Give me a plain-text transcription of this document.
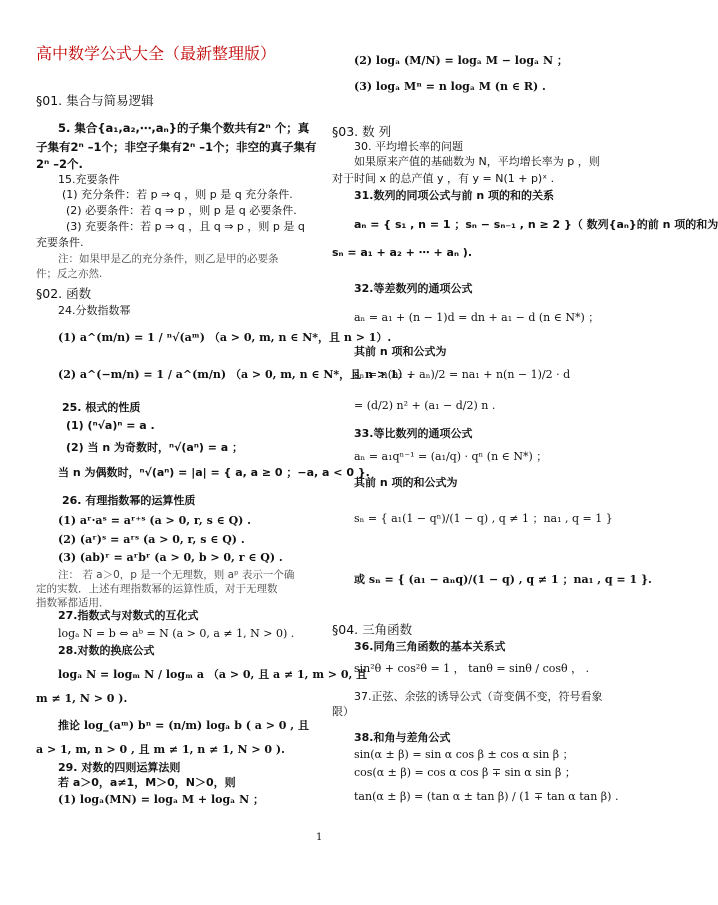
高中数学公式大全（最新整理版）
§01. 集合与简易逻辑
5. 集合{a₁,a₂,⋯,aₙ}的子集个数共有2ⁿ 个；真
子集有2ⁿ –1个；非空子集有2ⁿ –1个；非空的真子集有
2ⁿ –2个.
15.充要条件
(1) 充分条件：若 p ⇒ q ，则 p 是 q 充分条件.
(2) 必要条件：若 q ⇒ p ，则 p 是 q 必要条件.
(3) 充要条件：若 p ⇒ q ，且 q ⇒ p ，则 p 是 q
充要条件.
注：如果甲是乙的充分条件，则乙是甲的必要条
件；反之亦然.
§02. 函数
24.分数指数幂
(1) a^(m/n) = 1 / ⁿ√(aᵐ) （a > 0, m, n ∈ N*，且 n > 1）.
(2) a^(−m/n) = 1 / a^(m/n) （a > 0, m, n ∈ N*，且 n > 1）.
25. 根式的性质
(1) (ⁿ√a)ⁿ = a .
(2) 当 n 为奇数时，ⁿ√(aⁿ) = a ；
当 n 为偶数时，ⁿ√(aⁿ) = |a| = { a, a ≥ 0 ；−a, a < 0 }.
26. 有理指数幂的运算性质
(1) aʳ·aˢ = aʳ⁺ˢ (a > 0, r, s ∈ Q) .
(2) (aʳ)ˢ = aʳˢ (a > 0, r, s ∈ Q) .
(3) (ab)ʳ = aʳbʳ (a > 0, b > 0, r ∈ Q) .
注： 若 a＞0，p 是一个无理数，则 aᵖ 表示一个确
定的实数．上述有理指数幂的运算性质，对于无理数
指数幂都适用．
27.指数式与对数式的互化式
logₐ N = b ⇔ aᵇ = N (a > 0, a ≠ 1, N > 0) .
28.对数的换底公式
logₐ N = logₘ N / logₘ a （a > 0, 且 a ≠ 1, m > 0, 且
m ≠ 1, N > 0 ).
推论 log_(aᵐ) bⁿ = (n/m) logₐ b ( a > 0 , 且
a > 1, m, n > 0 , 且 m ≠ 1, n ≠ 1, N > 0 ).
29. 对数的四则运算法则
若 a＞0，a≠1，M＞0，N＞0，则
(1) logₐ(MN) = logₐ M + logₐ N ；
(2) logₐ (M/N) = logₐ M − logₐ N ；
(3) logₐ Mⁿ = n logₐ M (n ∈ R) .
§03. 数 列
30. 平均增长率的问题
如果原来产值的基础数为 N，平均增长率为 p ，则
对于时间 x 的总产值 y ，有 y = N(1 + p)ˣ .
31.数列的同项公式与前 n 项的和的关系
aₙ = { s₁ , n = 1 ；sₙ − sₙ₋₁ , n ≥ 2 }（ 数列{aₙ}的前 n 项的和为
sₙ = a₁ + a₂ + ⋯ + aₙ ).
32.等差数列的通项公式
aₙ = a₁ + (n − 1)d = dn + a₁ − d (n ∈ N*) ；
其前 n 项和公式为
sₙ = n(a₁ + aₙ)/2 = na₁ + n(n − 1)/2 · d
= (d/2) n² + (a₁ − d/2) n .
33.等比数列的通项公式
aₙ = a₁qⁿ⁻¹ = (a₁/q) · qⁿ (n ∈ N*) ；
其前 n 项的和公式为
sₙ = { a₁(1 − qⁿ)/(1 − q) , q ≠ 1 ；na₁ , q = 1 }
或 sₙ = { (a₁ − aₙq)/(1 − q) , q ≠ 1 ；na₁ , q = 1 }.
§04. 三角函数
36.同角三角函数的基本关系式
sin²θ + cos²θ = 1 ， tanθ = sinθ / cosθ ， .
37.正弦、余弦的诱导公式（奇变偶不变，符号看象
限）
38.和角与差角公式
sin(α ± β) = sin α cos β ± cos α sin β ；
cos(α ± β) = cos α cos β ∓ sin α sin β ；
tan(α ± β) = (tan α ± tan β) / (1 ∓ tan α tan β) .
1
